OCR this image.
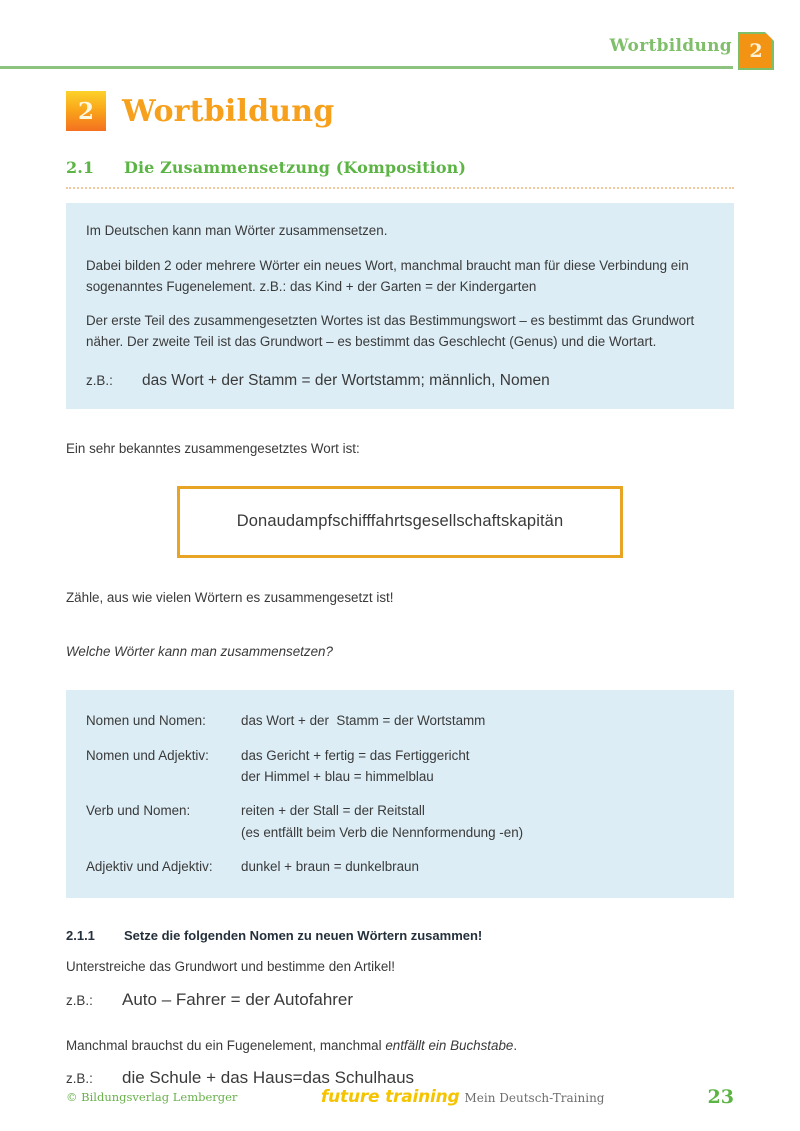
Wortbildung 2
2 Wortbildung
2.1	Die Zusammensetzung (Komposition)

Im Deutschen kann man Wörter zusammensetzen.

Dabei bilden 2 oder mehrere Wörter ein neues Wort, manchmal braucht man für diese Verbindung ein sogenanntes Fugenelement. z.B.: das Kind + der Garten = der Kindergarten

Der erste Teil des zusammengesetzten Wortes ist das Bestimmungswort – es bestimmt das Grundwort näher. Der zweite Teil ist das Grundwort – es bestimmt das Geschlecht (Genus) und die Wortart.

z.B.:	das Wort + der Stamm = der Wortstamm; männlich, Nomen

Ein sehr bekanntes zusammengesetztes Wort ist:

Donaudampfschifffahrtsgesellschaftskapitän

Zähle, aus wie vielen Wörtern es zusammengesetzt ist!

Welche Wörter kann man zusammensetzen?

Nomen und Nomen:	das Wort + der  Stamm = der Wortstamm
Nomen und Adjektiv:	das Gericht + fertig = das Fertiggericht
der Himmel + blau = himmelblau
Verb und Nomen:	reiten + der Stall = der Reitstall
(es entfällt beim Verb die Nennformendung -en)
Adjektiv und Adjektiv:	dunkel + braun = dunkelbraun
2.1.1	Setze die folgenden Nomen zu neuen Wörtern zusammen!

Unterstreiche das Grundwort und bestimme den Artikel!

z.B.:	Auto – Fahrer = der Autofahrer

Manchmal brauchst du ein Fugenelement, manchmal entfällt ein Buchstabe.

z.B.:	die Schule + das Haus=das Schulhaus
© Bildungsverlag Lemberger	future training Mein Deutsch-Training	23
